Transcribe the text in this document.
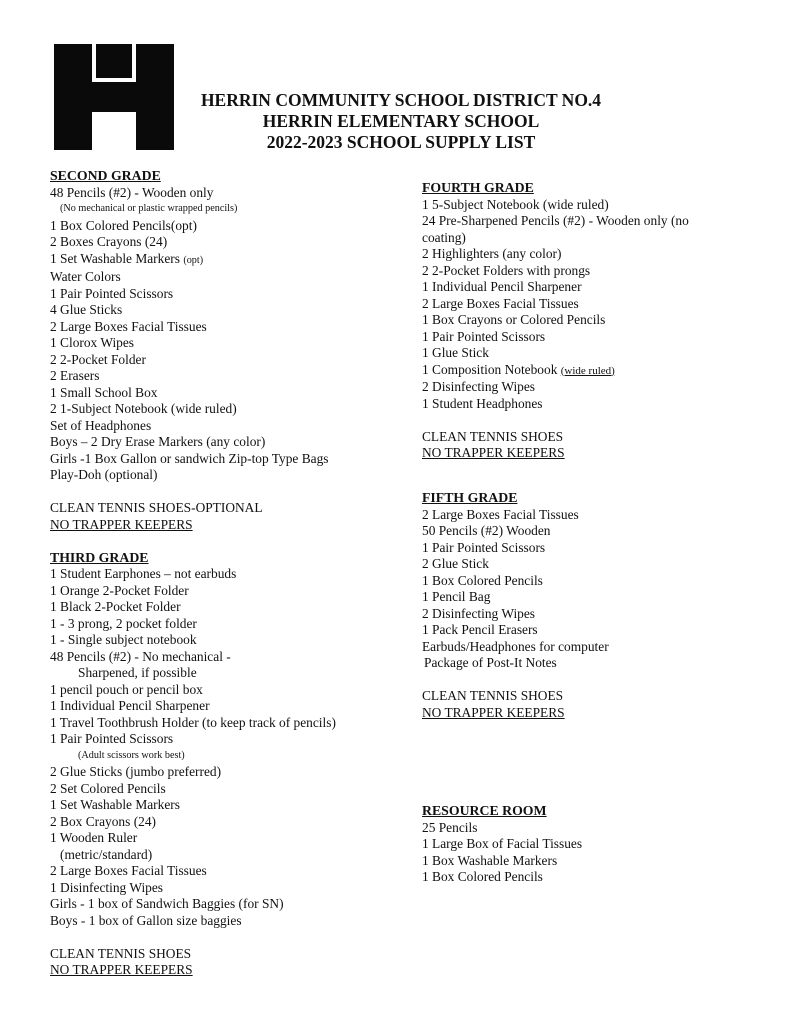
HERRIN COMMUNITY SCHOOL DISTRICT NO.4
HERRIN ELEMENTARY SCHOOL
2022-2023 SCHOOL SUPPLY LIST
SECOND GRADE
48 Pencils (#2) - Wooden only
(No mechanical or plastic wrapped pencils)
1 Box Colored Pencils(opt)
2 Boxes Crayons (24)
1 Set Washable Markers (opt)
Water Colors
1 Pair Pointed Scissors
4 Glue Sticks
2 Large Boxes Facial Tissues
1 Clorox Wipes
2 2-Pocket Folder
2 Erasers
1 Small School Box
2 1-Subject Notebook (wide ruled)
Set of Headphones
Boys – 2 Dry Erase Markers (any color)
Girls -1 Box Gallon or sandwich Zip-top Type Bags
Play-Doh (optional)
CLEAN TENNIS SHOES-OPTIONAL
NO TRAPPER KEEPERS
THIRD GRADE
1 Student Earphones – not earbuds
1 Orange 2-Pocket Folder
1 Black 2-Pocket Folder
1 - 3 prong, 2 pocket folder
1 - Single subject notebook
48 Pencils (#2) - No mechanical -
Sharpened, if possible
1 pencil pouch or pencil box
1 Individual Pencil Sharpener
1 Travel Toothbrush Holder (to keep track of pencils)
1 Pair Pointed Scissors
(Adult scissors work best)
2 Glue Sticks (jumbo preferred)
2 Set Colored Pencils
1 Set Washable Markers
2 Box Crayons (24)
1 Wooden Ruler
(metric/standard)
2 Large Boxes Facial Tissues
1 Disinfecting Wipes
Girls - 1 box of Sandwich Baggies (for SN)
Boys - 1 box of Gallon size baggies
CLEAN TENNIS SHOES
NO TRAPPER KEEPERS
FOURTH GRADE
1 5-Subject Notebook (wide ruled)
24 Pre-Sharpened Pencils (#2) - Wooden only (no coating)
2 Highlighters (any color)
2 2-Pocket Folders with prongs
1 Individual Pencil Sharpener
2 Large Boxes Facial Tissues
1 Box Crayons or Colored Pencils
1 Pair Pointed Scissors
1 Glue Stick
1 Composition Notebook (wide ruled)
2 Disinfecting Wipes
1 Student Headphones
CLEAN TENNIS SHOES
NO TRAPPER KEEPERS
FIFTH GRADE
2 Large Boxes Facial Tissues
50 Pencils (#2) Wooden
1 Pair Pointed Scissors
2 Glue Stick
1 Box Colored Pencils
1 Pencil Bag
2 Disinfecting Wipes
1 Pack Pencil Erasers
Earbuds/Headphones for computer
Package of Post-It Notes
CLEAN TENNIS SHOES
NO TRAPPER KEEPERS
RESOURCE ROOM
25 Pencils
1 Large Box of Facial Tissues
1 Box Washable Markers
1 Box Colored Pencils
